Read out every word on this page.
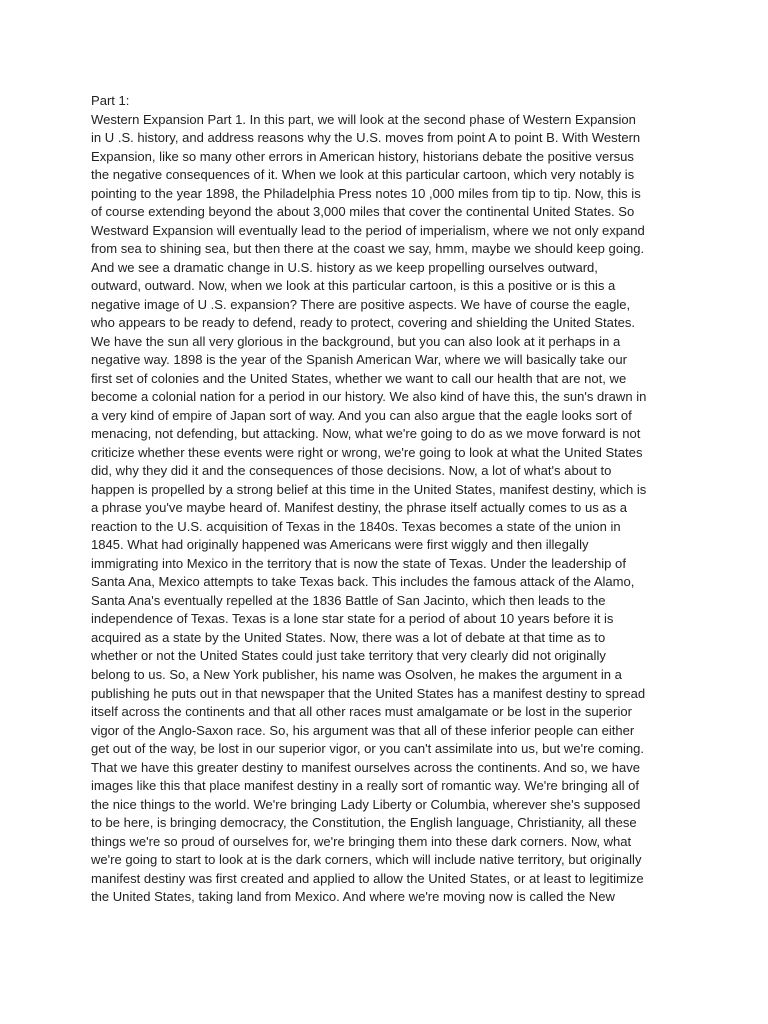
Part 1:
Western Expansion Part 1. In this part, we will look at the second phase of Western Expansion
in U .S. history, and address reasons why the U.S. moves from point A to point B. With Western
Expansion, like so many other errors in American history, historians debate the positive versus
the negative consequences of it. When we look at this particular cartoon, which very notably is
pointing to the year 1898, the Philadelphia Press notes 10 ,000 miles from tip to tip. Now, this is
of course extending beyond the about 3,000 miles that cover the continental United States. So
Westward Expansion will eventually lead to the period of imperialism, where we not only expand
from sea to shining sea, but then there at the coast we say, hmm, maybe we should keep going.
And we see a dramatic change in U.S. history as we keep propelling ourselves outward,
outward, outward. Now, when we look at this particular cartoon, is this a positive or is this a
negative image of U .S. expansion? There are positive aspects. We have of course the eagle,
who appears to be ready to defend, ready to protect, covering and shielding the United States.
We have the sun all very glorious in the background, but you can also look at it perhaps in a
negative way. 1898 is the year of the Spanish American War, where we will basically take our
first set of colonies and the United States, whether we want to call our health that are not, we
become a colonial nation for a period in our history. We also kind of have this, the sun's drawn in
a very kind of empire of Japan sort of way. And you can also argue that the eagle looks sort of
menacing, not defending, but attacking. Now, what we're going to do as we move forward is not
criticize whether these events were right or wrong, we're going to look at what the United States
did, why they did it and the consequences of those decisions. Now, a lot of what's about to
happen is propelled by a strong belief at this time in the United States, manifest destiny, which is
a phrase you've maybe heard of. Manifest destiny, the phrase itself actually comes to us as a
reaction to the U.S. acquisition of Texas in the 1840s. Texas becomes a state of the union in
1845. What had originally happened was Americans were first wiggly and then illegally
immigrating into Mexico in the territory that is now the state of Texas. Under the leadership of
Santa Ana, Mexico attempts to take Texas back. This includes the famous attack of the Alamo,
Santa Ana's eventually repelled at the 1836 Battle of San Jacinto, which then leads to the
independence of Texas. Texas is a lone star state for a period of about 10 years before it is
acquired as a state by the United States. Now, there was a lot of debate at that time as to
whether or not the United States could just take territory that very clearly did not originally
belong to us. So, a New York publisher, his name was Osolven, he makes the argument in a
publishing he puts out in that newspaper that the United States has a manifest destiny to spread
itself across the continents and that all other races must amalgamate or be lost in the superior
vigor of the Anglo-Saxon race. So, his argument was that all of these inferior people can either
get out of the way, be lost in our superior vigor, or you can't assimilate into us, but we're coming.
That we have this greater destiny to manifest ourselves across the continents. And so, we have
images like this that place manifest destiny in a really sort of romantic way. We're bringing all of
the nice things to the world. We're bringing Lady Liberty or Columbia, wherever she's supposed
to be here, is bringing democracy, the Constitution, the English language, Christianity, all these
things we're so proud of ourselves for, we're bringing them into these dark corners. Now, what
we're going to start to look at is the dark corners, which will include native territory, but originally
manifest destiny was first created and applied to allow the United States, or at least to legitimize
the United States, taking land from Mexico. And where we're moving now is called the New
